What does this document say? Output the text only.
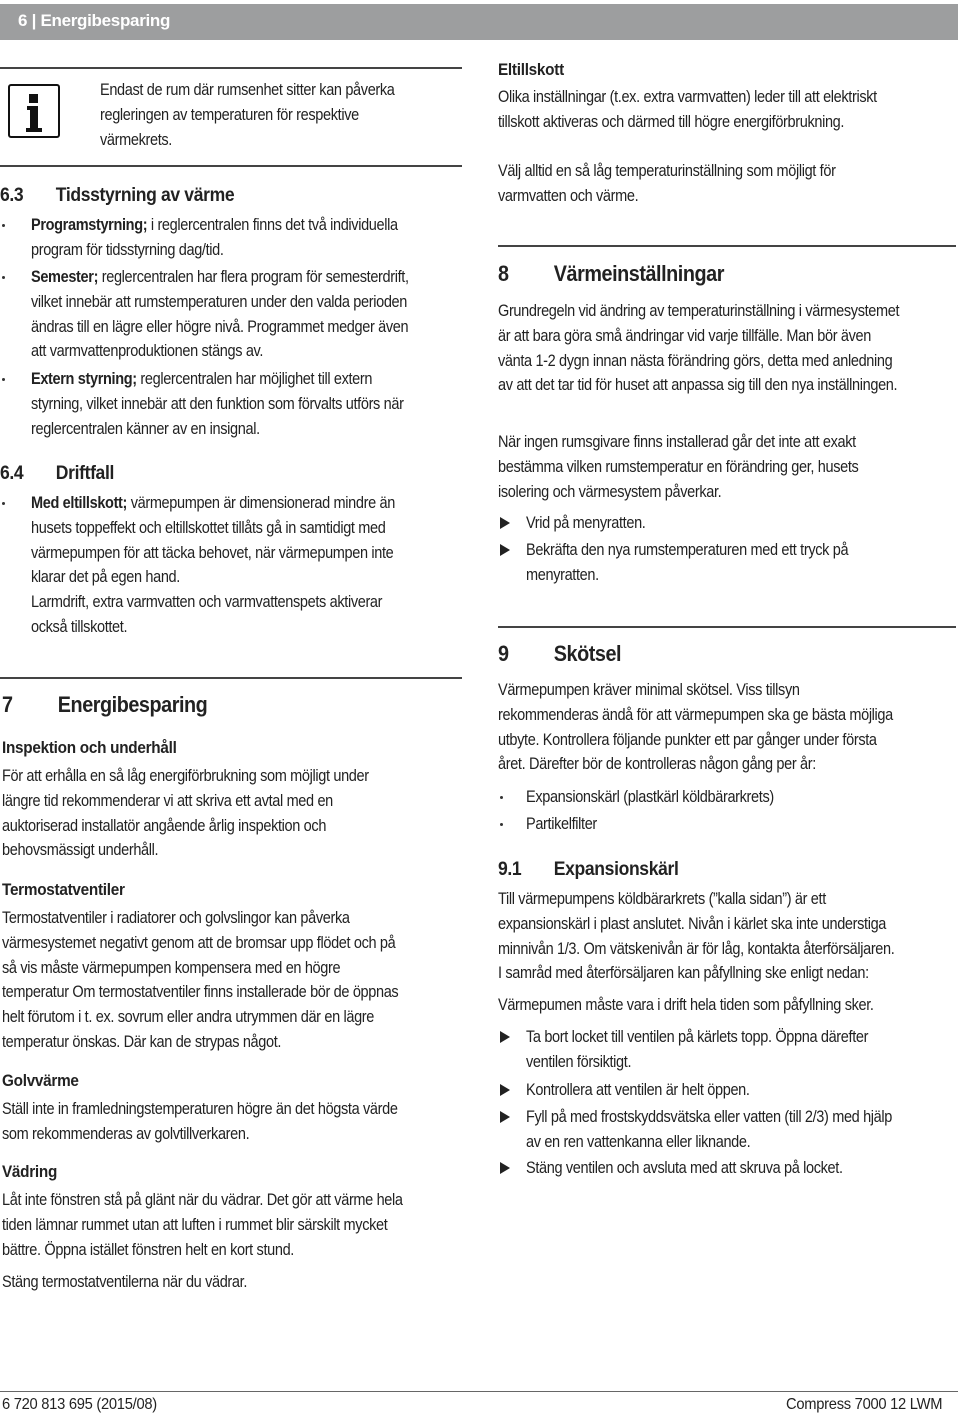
6 | Energibesparing
Endast de rum där rumsenhet sitter kan påverka regleringen av temperaturen för respektive värmekrets.
6.3 Tidsstyrning av värme
Programstyrning; i reglercentralen finns det två individuella program för tidsstyrning dag/tid.
Semester; reglercentralen har flera program för semesterdrift, vilket innebär att rumstemperaturen under den valda perioden ändras till en lägre eller högre nivå. Programmet medger även att varmvattenproduktionen stängs av.
Extern styrning; reglercentralen har möjlighet till extern styrning, vilket innebär att den funktion som förvalts utförs när reglercentralen känner av en insignal.
6.4 Driftfall
Med eltillskott; värmepumpen är dimensionerad mindre än husets toppeffekt och eltillskottet tillåts gå in samtidigt med värmepumpen för att täcka behovet, när värmepumpen inte klarar det på egen hand.
Larmdrift, extra varmvatten och varmvattenspets aktiverar också tillskottet.
7 Energibesparing
Inspektion och underhåll
För att erhålla en så låg energiförbrukning som möjligt under längre tid rekommenderar vi att skriva ett avtal med en auktoriserad installatör angående årlig inspektion och behovsmässigt underhåll.
Termostatventiler
Termostatventiler i radiatorer och golvslingor kan påverka värmesystemet negativt genom att de bromsar upp flödet och på så vis måste värmepumpen kompensera med en högre temperatur Om termostatventiler finns installerade bör de öppnas helt förutom i t. ex. sovrum eller andra utrymmen där en lägre temperatur önskas. Där kan de strypas något.
Golvvärme
Ställ inte in framledningstemperaturen högre än det högsta värde som rekommenderas av golvtillverkaren.
Vädring
Låt inte fönstren stå på glänt när du vädrar. Det gör att värme hela tiden lämnar rummet utan att luften i rummet blir särskilt mycket bättre. Öppna istället fönstren helt en kort stund.
Stäng termostatventilerna när du vädrar.
Eltillskott
Olika inställningar (t.ex. extra varmvatten) leder till att elektriskt tillskott aktiveras och därmed till högre energiförbrukning.
Välj alltid en så låg temperaturinställning som möjligt för varmvatten och värme.
8 Värmeinställningar
Grundregeln vid ändring av temperaturinställning i värmesystemet är att bara göra små ändringar vid varje tillfälle. Man bör även vänta 1-2 dygn innan nästa förändring görs, detta med anledning av att det tar tid för huset att anpassa sig till den nya inställningen.
När ingen rumsgivare finns installerad går det inte att exakt bestämma vilken rumstemperatur en förändring ger, husets isolering och värmesystem påverkar.
Vrid på menyratten.
Bekräfta den nya rumstemperaturen med ett tryck på menyratten.
9 Skötsel
Värmepumpen kräver minimal skötsel. Viss tillsyn rekommenderas ändå för att värmepumpen ska ge bästa möjliga utbyte. Kontrollera följande punkter ett par gånger under första året. Därefter bör de kontrolleras någon gång per år:
Expansionskärl (plastkärl köldbärarkrets)
Partikelfilter
9.1 Expansionskärl
Till värmepumpens köldbärarkrets (”kalla sidan”) är ett expansionskärl i plast anslutet. Nivån i kärlet ska inte understiga minnivån 1/3. Om vätskenivån är för låg, kontakta återförsäljaren. I samråd med återförsäljaren kan påfyllning ske enligt nedan:
Värmepumen måste vara i drift hela tiden som påfyllning sker.
Ta bort locket till ventilen på kärlets topp. Öppna därefter ventilen försiktigt.
Kontrollera att ventilen är helt öppen.
Fyll på med frostskyddsvätska eller vatten (till 2/3) med hjälp av en ren vattenkanna eller liknande.
Stäng ventilen och avsluta med att skruva på locket.
6 720 813 695 (2015/08)	Compress 7000 12 LWM
